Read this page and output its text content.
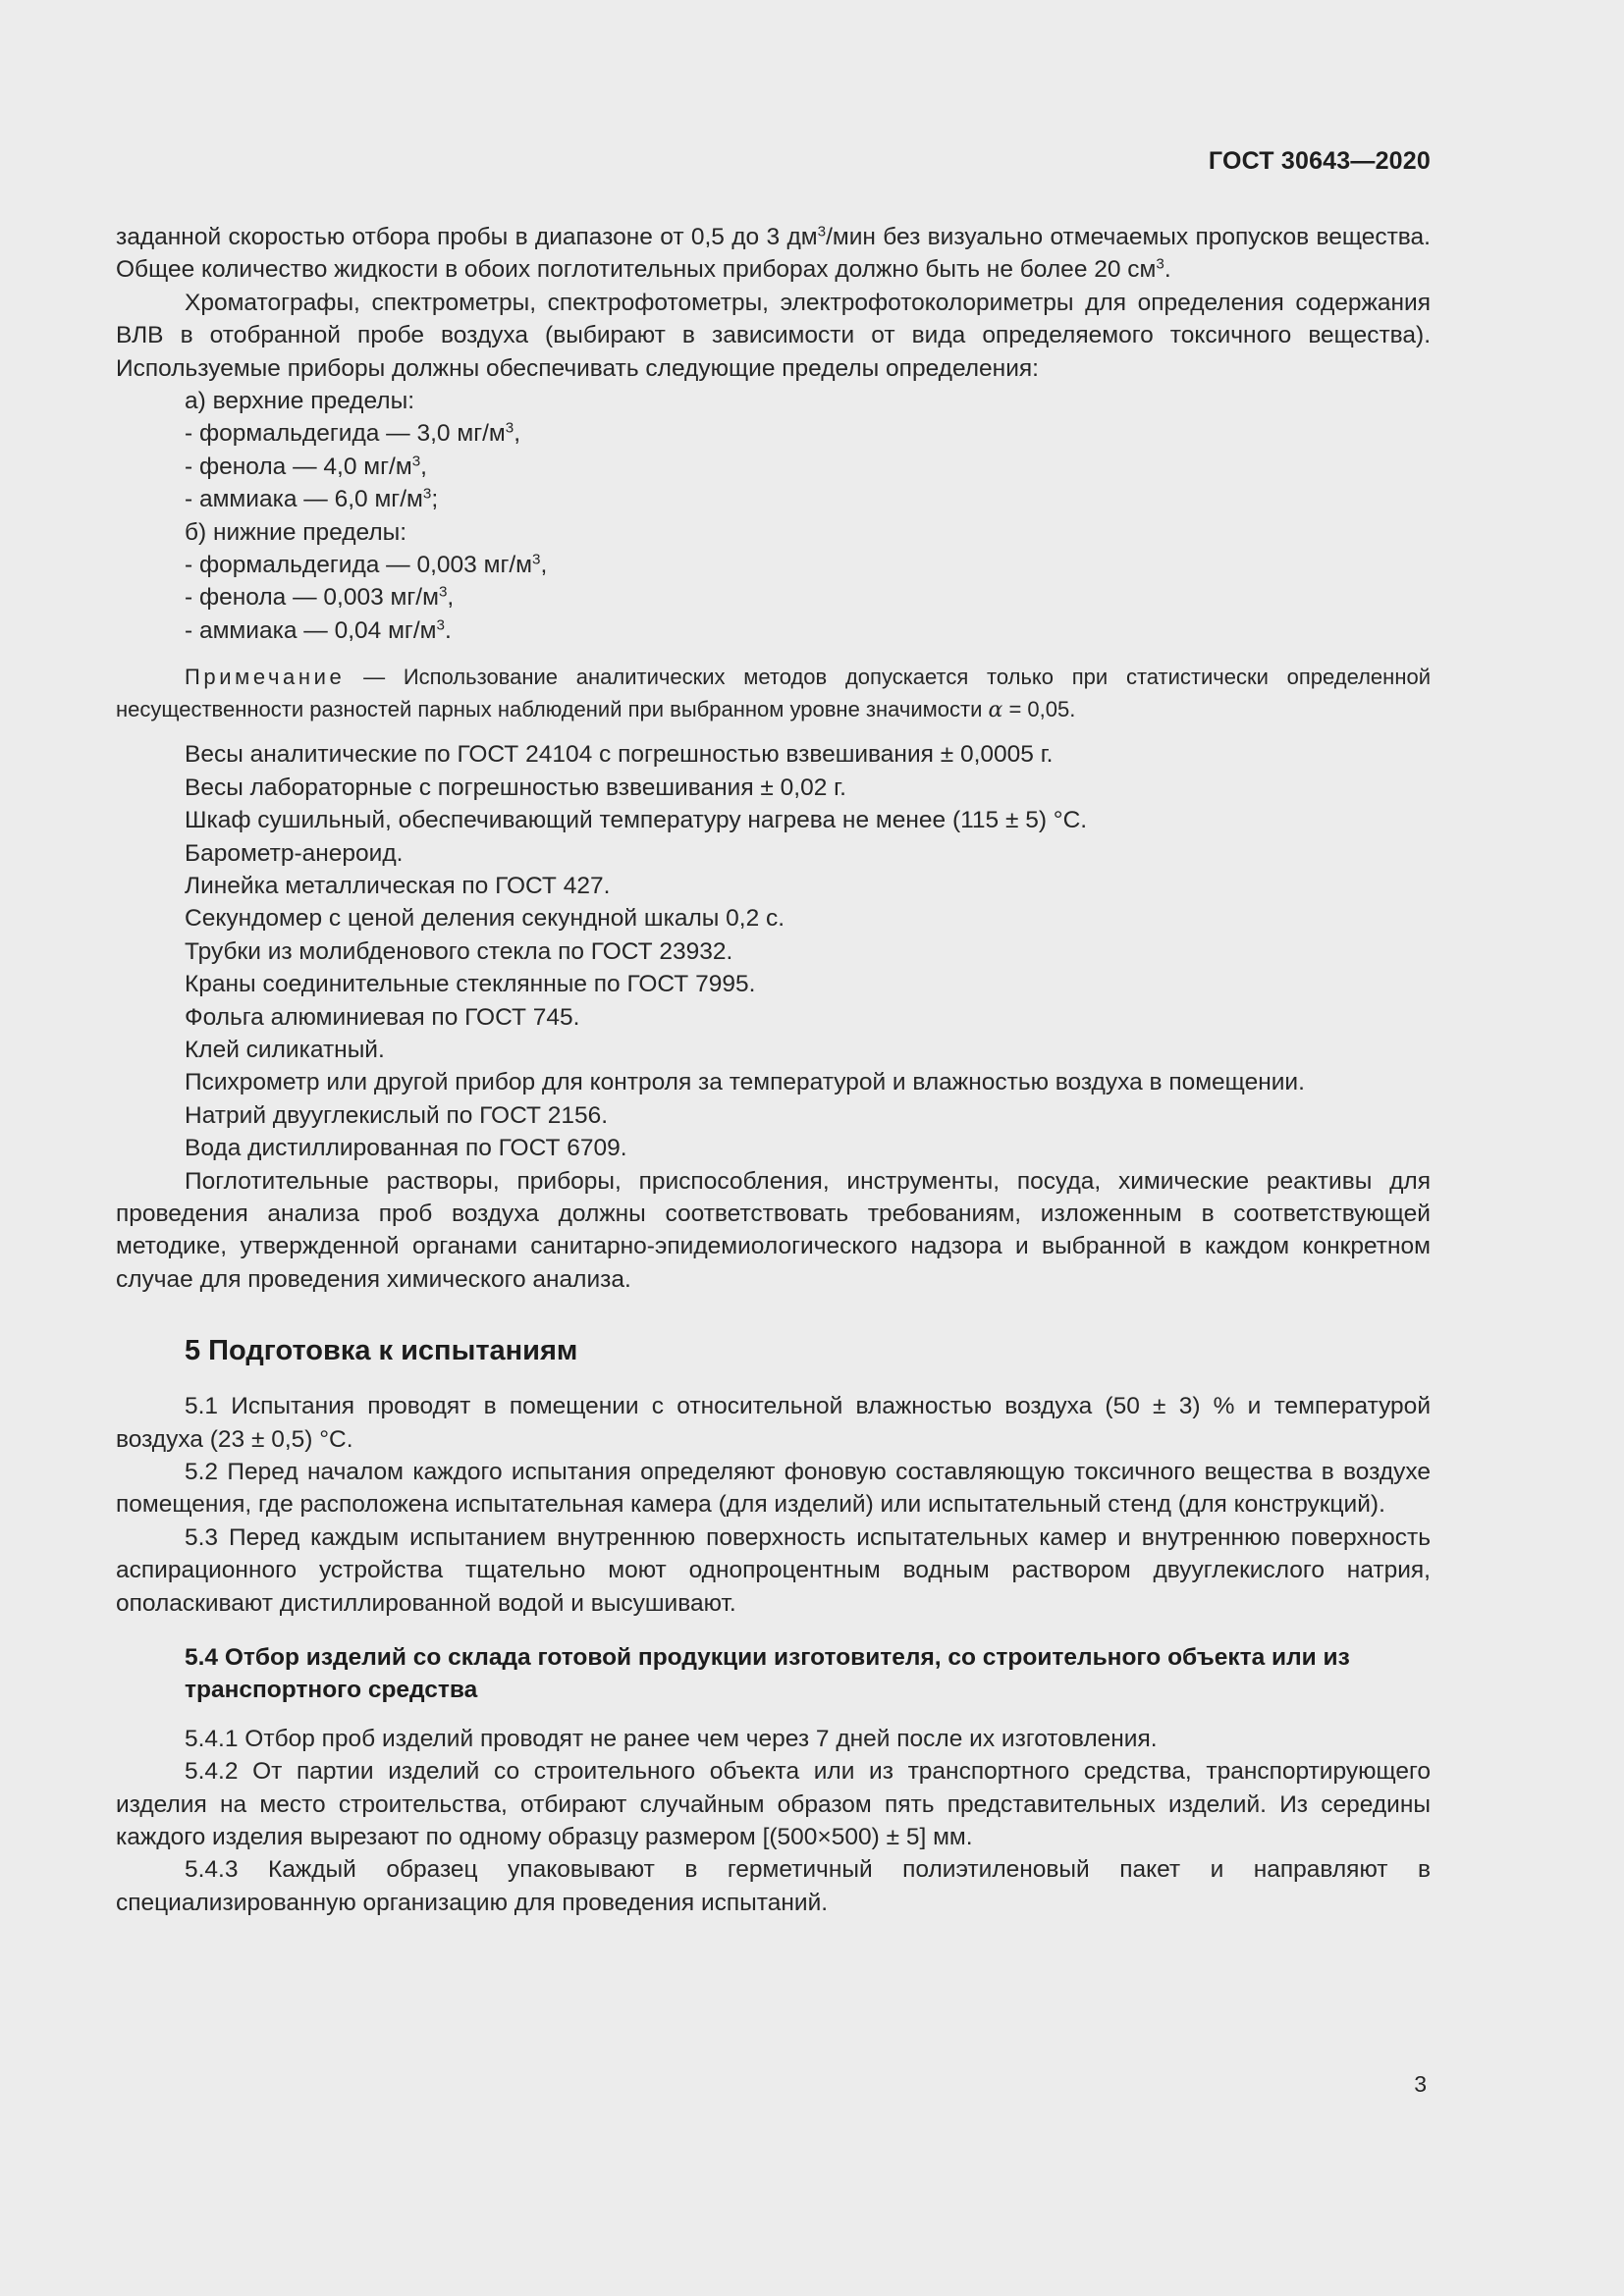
ГОСТ 30643—2020

заданной скоростью отбора пробы в диапазоне от 0,5 до 3 $дм^3$/мин без визуально отмечаемых пропусков вещества. Общее количество жидкости в обоих поглотительных приборах должно быть не более 20 $см^3$.

Хроматографы, спектрометры, спектрофотометры, электрофотоколориметры для определения содержания ВЛВ в отобранной пробе воздуха (выбирают в зависимости от вида определяемого токсичного вещества). Используемые приборы должны обеспечивать следующие пределы определения:

а) верхние пределы:
- формальдегида — 3,0 $мг/м^3$,
- фенола — 4,0 $мг/м^3$,
- аммиака — 6,0 $мг/м^3$;
б) нижние пределы:
- формальдегида — 0,003 $мг/м^3$,
- фенола — 0,003 $мг/м^3$,
- аммиака — 0,04 $мг/м^3$.
Примечание — Использование аналитических методов допускается только при статистически определенной несущественности разностей парных наблюдений при выбранном уровне значимости α = 0,05.

Весы аналитические по ГОСТ 24104 с погрешностью взвешивания ± 0,0005 г.

Весы лабораторные с погрешностью взвешивания ± 0,02 г.

Шкаф сушильный, обеспечивающий температуру нагрева не менее (115 ± 5) °С.

Барометр-анероид.

Линейка металлическая по ГОСТ 427.

Секундомер с ценой деления секундной шкалы 0,2 с.

Трубки из молибденового стекла по ГОСТ 23932.

Краны соединительные стеклянные по ГОСТ 7995.

Фольга алюминиевая по ГОСТ 745.

Клей силикатный.

Психрометр или другой прибор для контроля за температурой и влажностью воздуха в помещении.

Натрий двууглекислый по ГОСТ 2156.

Вода дистиллированная по ГОСТ 6709.

Поглотительные растворы, приборы, приспособления, инструменты, посуда, химические реактивы для проведения анализа проб воздуха должны соответствовать требованиям, изложенным в соответствующей методике, утвержденной органами санитарно-эпидемиологического надзора и выбранной в каждом конкретном случае для проведения химического анализа.

5 Подготовка к испытаниям

5.1 Испытания проводят в помещении с относительной влажностью воздуха (50 ± 3) % и температурой воздуха (23 ± 0,5) °С.

5.2 Перед началом каждого испытания определяют фоновую составляющую токсичного вещества в воздухе помещения, где расположена испытательная камера (для изделий) или испытательный стенд (для конструкций).

5.3 Перед каждым испытанием внутреннюю поверхность испытательных камер и внутреннюю поверхность аспирационного устройства тщательно моют однопроцентным водным раствором двууглекислого натрия, ополаскивают дистиллированной водой и высушивают.

5.4 Отбор изделий со склада готовой продукции изготовителя, со строительного объекта или из транспортного средства

5.4.1 Отбор проб изделий проводят не ранее чем через 7 дней после их изготовления.

5.4.2 От партии изделий со строительного объекта или из транспортного средства, транспортирующего изделия на место строительства, отбирают случайным образом пять представительных изделий. Из середины каждого изделия вырезают по одному образцу размером [(500×500) ± 5] мм.

5.4.3 Каждый образец упаковывают в герметичный полиэтиленовый пакет и направляют в специализированную организацию для проведения испытаний.

3
